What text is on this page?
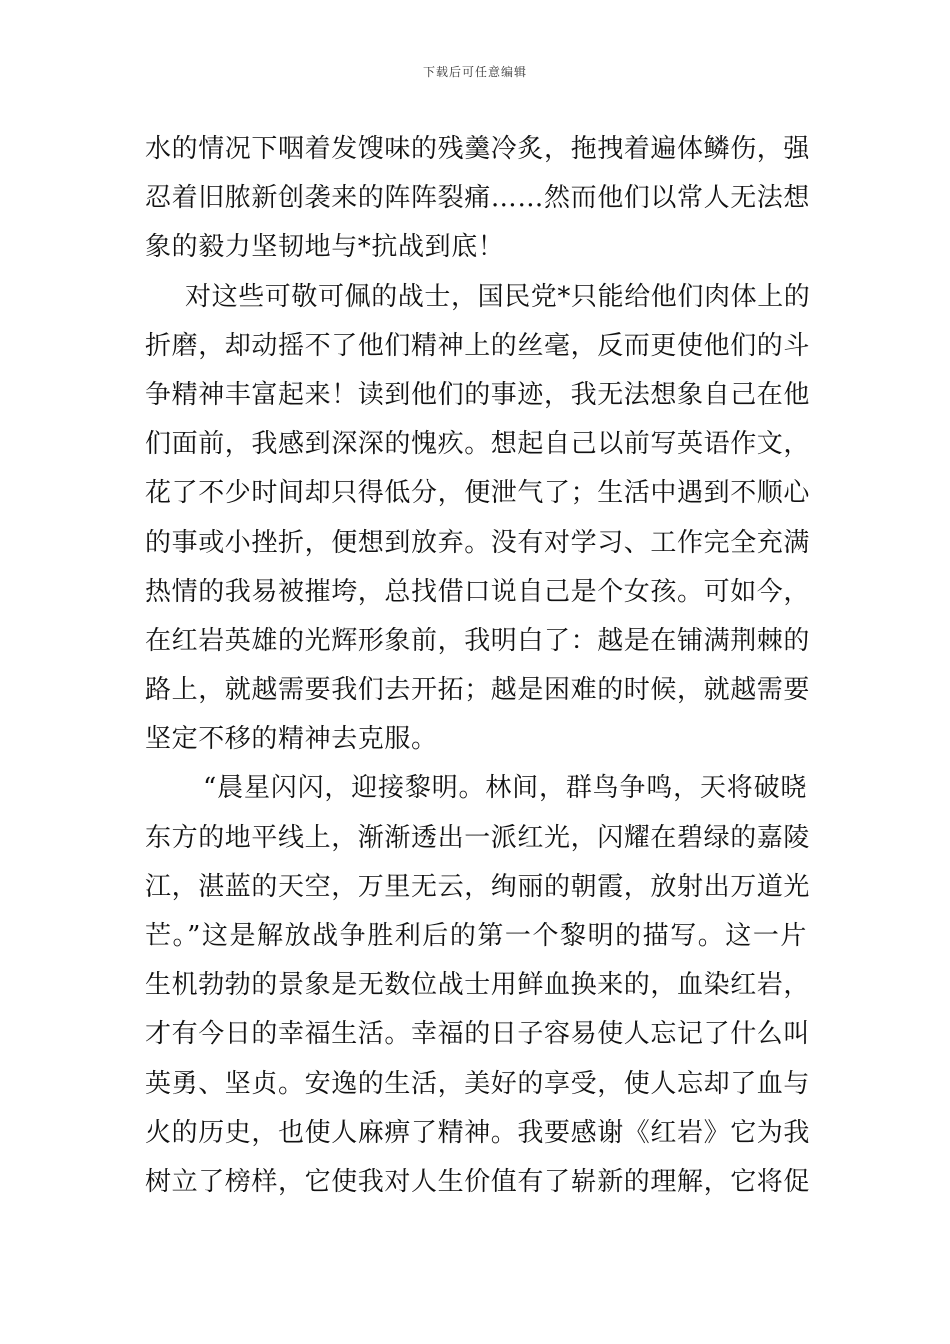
下载后可任意编辑
水的情况下咽着发馊味的残羹冷炙，拖拽着遍体鳞伤，强
忍着旧脓新创袭来的阵阵裂痛……然而他们以常人无法想
象的毅力坚韧地与*抗战到底！
对这些可敬可佩的战士，国民党*只能给他们肉体上的
折磨，却动摇不了他们精神上的丝毫，反而更使他们的斗
争精神丰富起来！读到他们的事迹，我无法想象自己在他
们面前，我感到深深的愧疚。想起自己以前写英语作文，
花了不少时间却只得低分，便泄气了；生活中遇到不顺心
的事或小挫折，便想到放弃。没有对学习、工作完全充满
热情的我易被摧垮，总找借口说自己是个女孩。可如今，
在红岩英雄的光辉形象前，我明白了：越是在铺满荆棘的
路上，就越需要我们去开拓；越是困难的时候，就越需要
坚定不移的精神去克服。
“晨星闪闪，迎接黎明。林间，群鸟争鸣，天将破晓
东方的地平线上，渐渐透出一派红光，闪耀在碧绿的嘉陵
江，湛蓝的天空，万里无云，绚丽的朝霞，放射出万道光
芒。”这是解放战争胜利后的第一个黎明的描写。这一片
生机勃勃的景象是无数位战士用鲜血换来的，血染红岩，
才有今日的幸福生活。幸福的日子容易使人忘记了什么叫
英勇、坚贞。安逸的生活，美好的享受，使人忘却了血与
火的历史，也使人麻痹了精神。我要感谢《红岩》它为我
树立了榜样，它使我对人生价值有了崭新的理解，它将促
